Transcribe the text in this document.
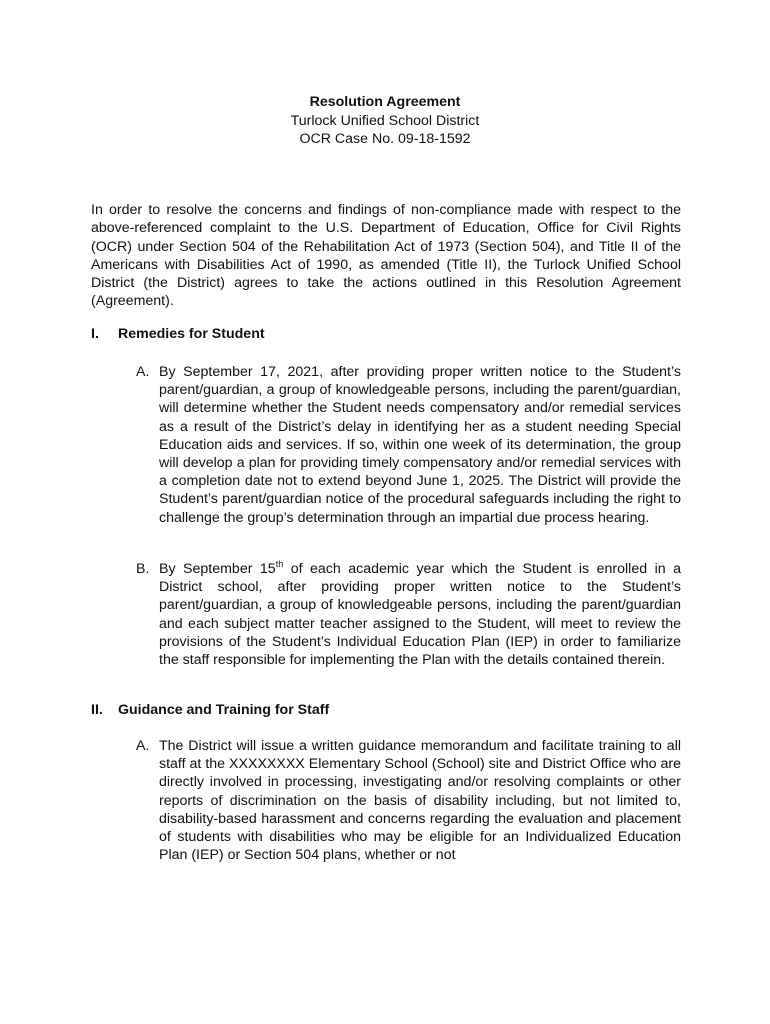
Resolution Agreement
Turlock Unified School District
OCR Case No. 09-18-1592
In order to resolve the concerns and findings of non-compliance made with respect to the above-referenced complaint to the U.S. Department of Education, Office for Civil Rights (OCR) under Section 504 of the Rehabilitation Act of 1973 (Section 504), and Title II of the Americans with Disabilities Act of 1990, as amended (Title II), the Turlock Unified School District (the District) agrees to take the actions outlined in this Resolution Agreement (Agreement).
I. Remedies for Student
A. By September 17, 2021, after providing proper written notice to the Student’s parent/guardian, a group of knowledgeable persons, including the parent/guardian, will determine whether the Student needs compensatory and/or remedial services as a result of the District’s delay in identifying her as a student needing Special Education aids and services. If so, within one week of its determination, the group will develop a plan for providing timely compensatory and/or remedial services with a completion date not to extend beyond June 1, 2025. The District will provide the Student’s parent/guardian notice of the procedural safeguards including the right to challenge the group’s determination through an impartial due process hearing.
B. By September 15th of each academic year which the Student is enrolled in a District school, after providing proper written notice to the Student’s parent/guardian, a group of knowledgeable persons, including the parent/guardian and each subject matter teacher assigned to the Student, will meet to review the provisions of the Student’s Individual Education Plan (IEP) in order to familiarize the staff responsible for implementing the Plan with the details contained therein.
II. Guidance and Training for Staff
A. The District will issue a written guidance memorandum and facilitate training to all staff at the XXXXXXXX Elementary School (School) site and District Office who are directly involved in processing, investigating and/or resolving complaints or other reports of discrimination on the basis of disability including, but not limited to, disability-based harassment and concerns regarding the evaluation and placement of students with disabilities who may be eligible for an Individualized Education Plan (IEP) or Section 504 plans, whether or not
